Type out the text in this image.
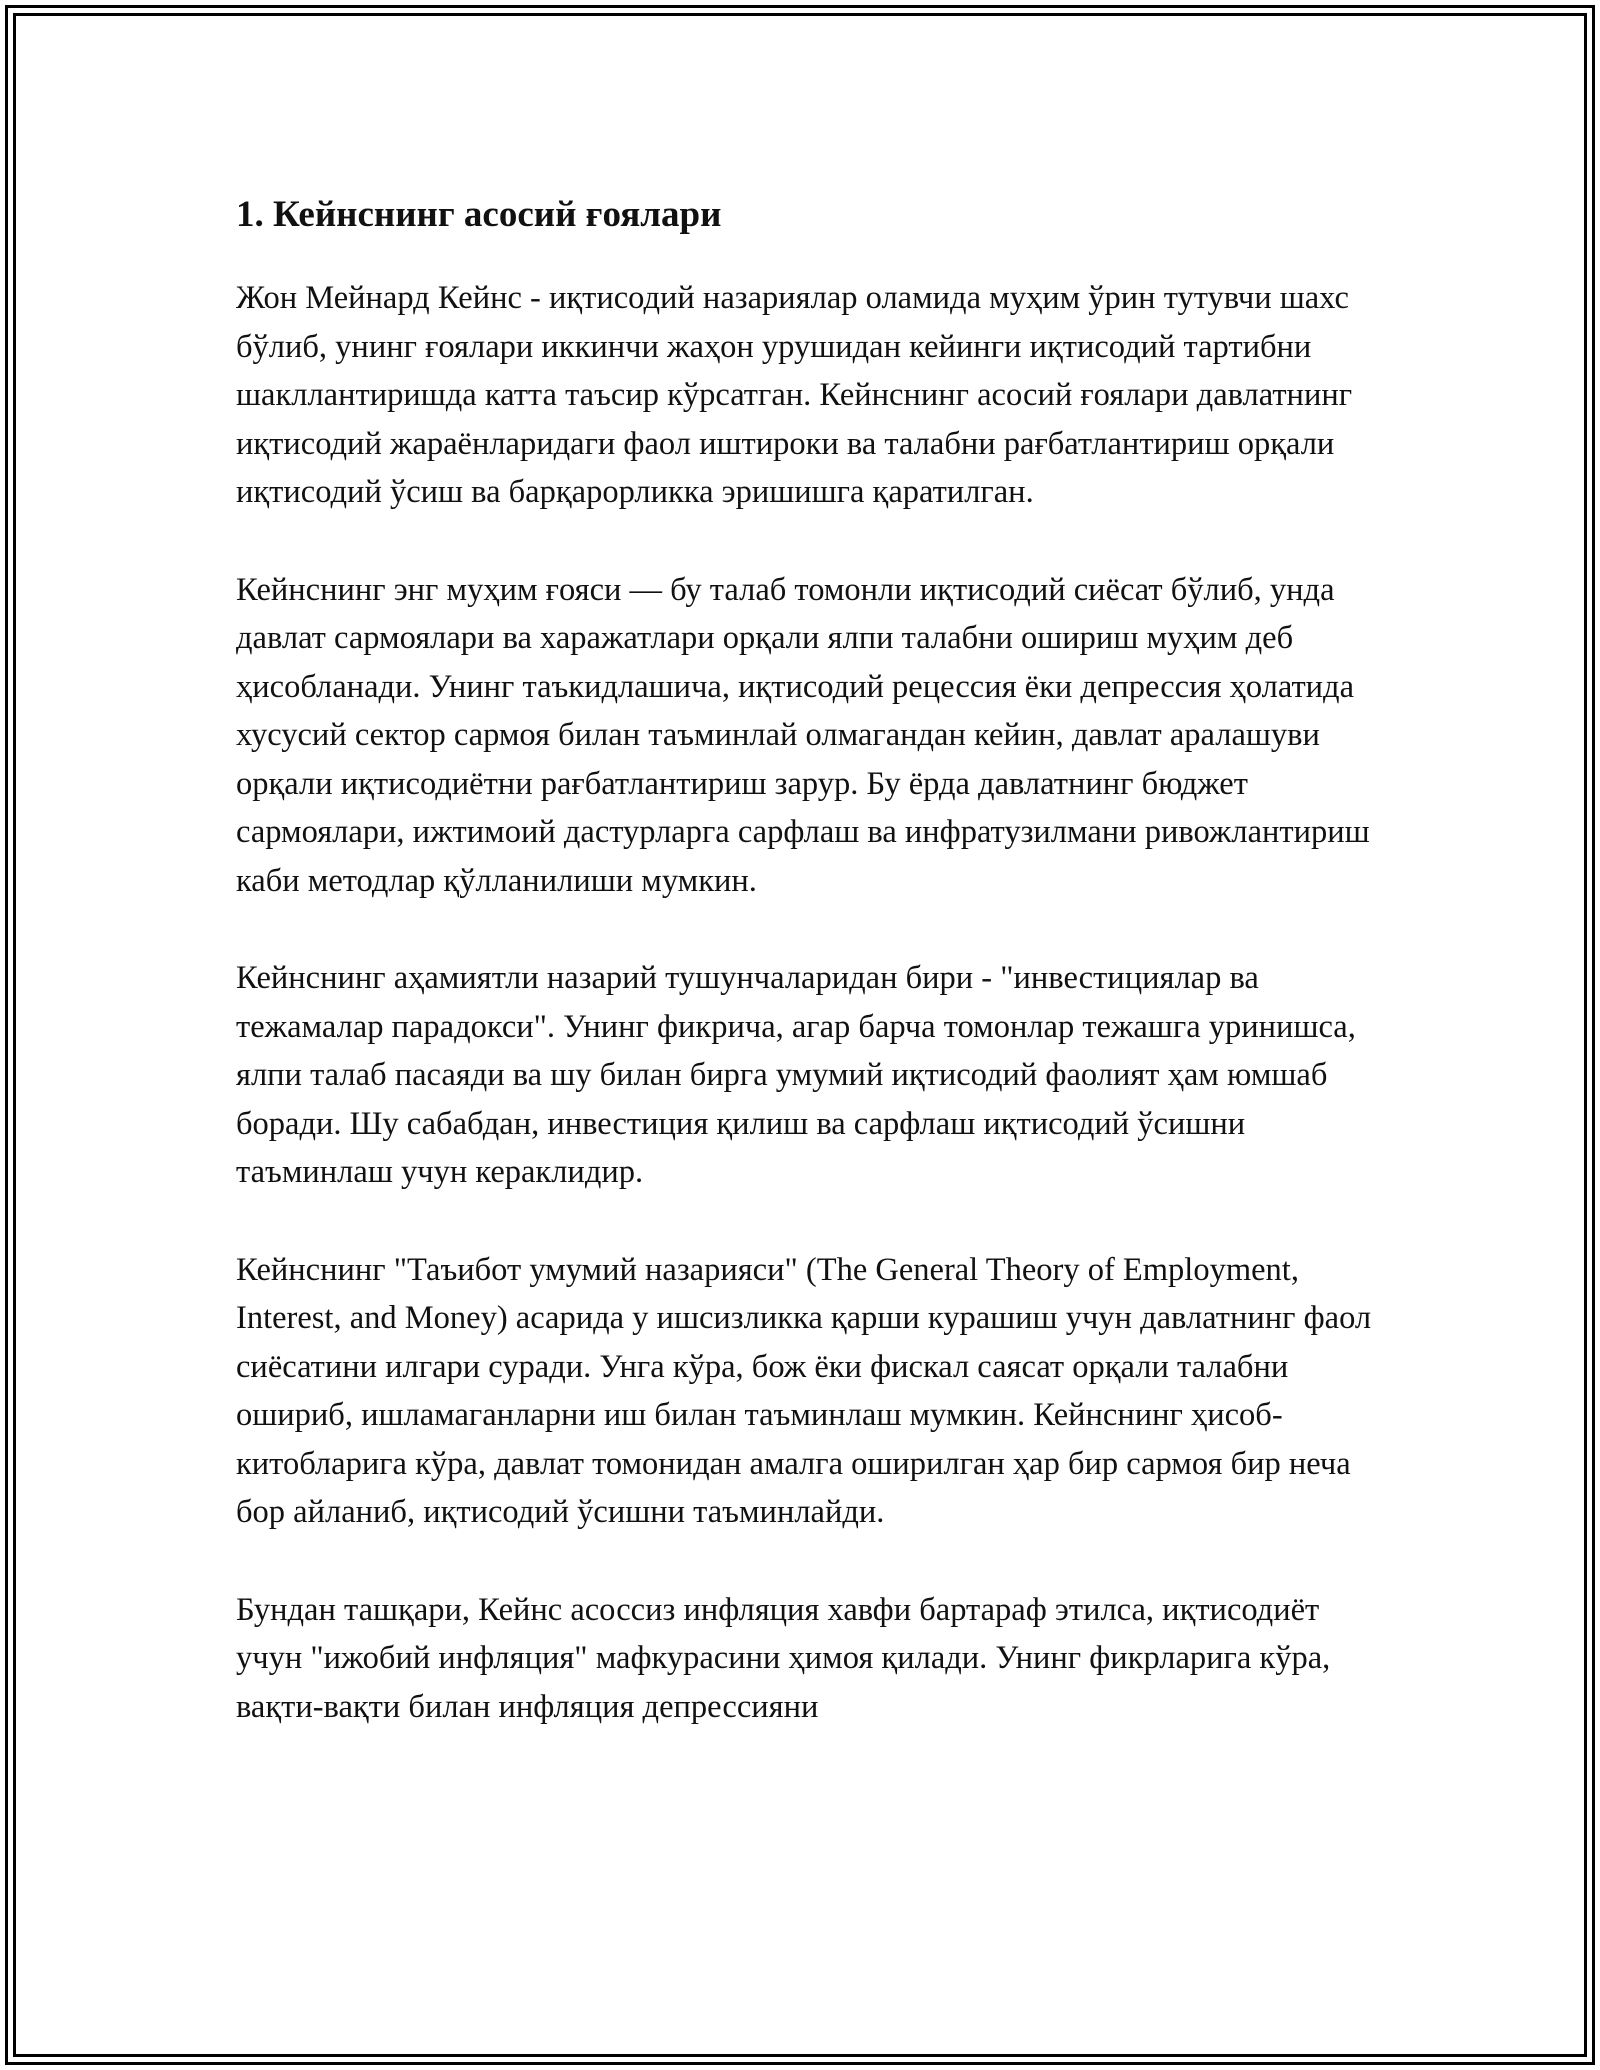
1. Кейнснинг асосий ғоялари

Жон Мейнард Кейнс - иқтисодий назариялар оламида муҳим ўрин тутувчи шахс бўлиб, унинг ғоялари иккинчи жаҳон урушидан кейинги иқтисодий тартибни шакллантиришда катта таъсир кўрсатган. Кейнснинг асосий ғоялари давлатнинг иқтисодий жараёнларидаги фаол иштироки ва талабни рағбатлантириш орқали иқтисодий ўсиш ва барқарорликка эришишга қаратилган.

Кейнснинг энг муҳим ғояси — бу талаб томонли иқтисодий сиёсат бўлиб, унда давлат сармоялари ва харажатлари орқали ялпи талабни ошириш муҳим деб ҳисобланади. Унинг таъкидлашича, иқтисодий рецессия ёки депрессия ҳолатида хусусий сектор сармоя билан таъминлай олмагандан кейин, давлат аралашуви орқали иқтисодиётни рағбатлантириш зарур. Бу ёрда давлатнинг бюджет сармоялари, ижтимоий дастурларга сарфлаш ва инфратузилмани ривожлантириш каби методлар қўлланилиши мумкин.

Кейнснинг аҳамиятли назарий тушунчаларидан бири - "инвестициялар ва тежамалар парадокси". Унинг фикрича, агар барча томонлар тежашга уринишса, ялпи талаб пасаяди ва шу билан бирга умумий иқтисодий фаолият ҳам юмшаб боради. Шу сабабдан, инвестиция қилиш ва сарфлаш иқтисодий ўсишни таъминлаш учун кераклидир.

Кейнснинг "Таъибот умумий назарияси" (The General Theory of Employment, Interest, and Money) асарида у ишсизликка қарши курашиш учун давлатнинг фаол сиёсатини илгари суради. Унга кўра, бож ёки фискал саясат орқали талабни ошириб, ишламаганларни иш билан таъминлаш мумкин. Кейнснинг ҳисоб-китобларига кўра, давлат томонидан амалга оширилган ҳар бир сармоя бир неча бор айланиб, иқтисодий ўсишни таъминлайди.

Бундан ташқари, Кейнс асоссиз инфляция хавфи бартараф этилса, иқтисодиёт учун "ижобий инфляция" мафкурасини ҳимоя қилади. Унинг фикрларига кўра, вақти-вақти билан инфляция депрессияни
